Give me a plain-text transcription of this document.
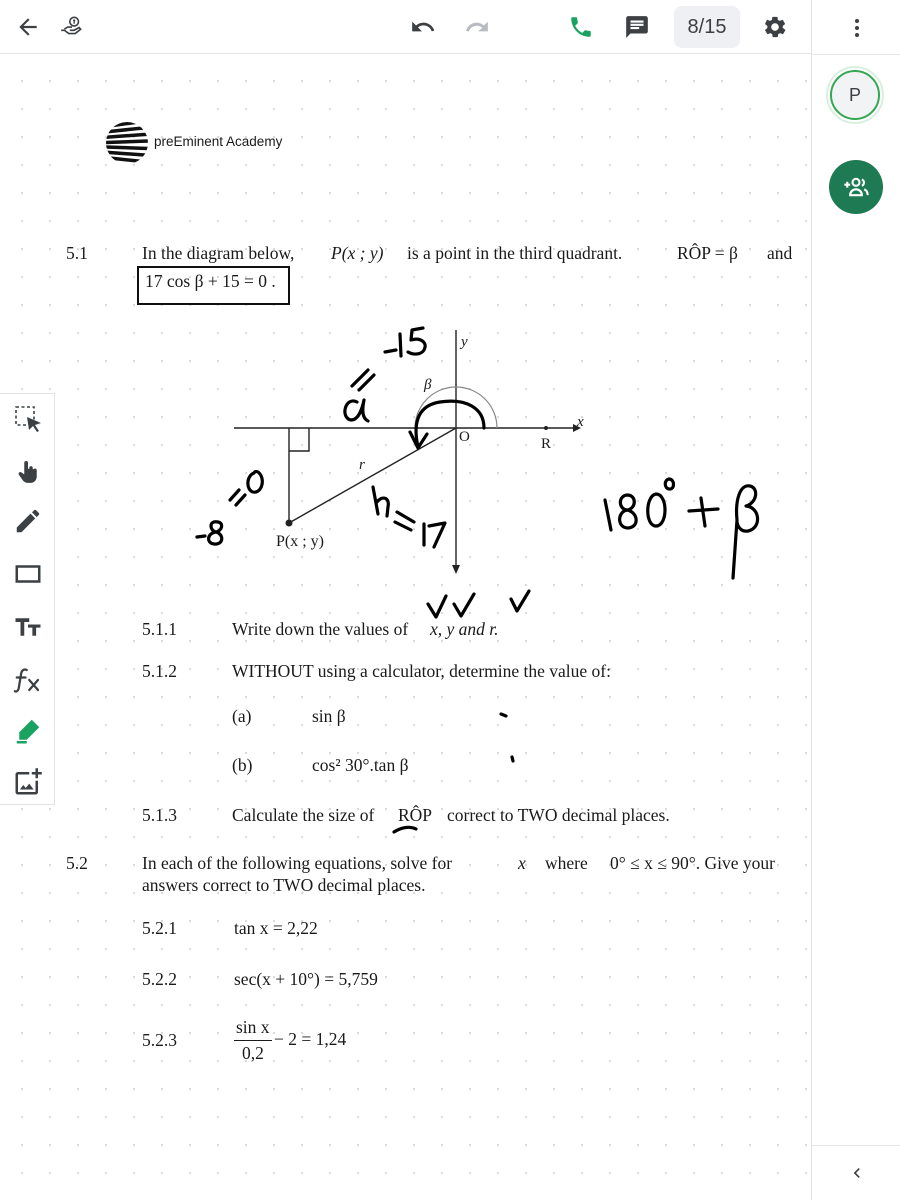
8/15
P
preEminent Academy
5.1	In the diagram below, P(x ; y) is a point in the third quadrant.	RÔP = β and
17 cos β + 15 = 0 .
y
x
β
O	R
r
P(x ; y)
5.1.1	Write down the values of x, y and r.
5.1.2	WITHOUT using a calculator, determine the value of:
(a)	sin β
(b)	cos² 30°.tan β
5.1.3	Calculate the size of RÔP correct to TWO decimal places.
5.2	In each of the following equations, solve for	x where 0° ≤ x ≤ 90°. Give your
answers correct to TWO decimal places.
5.2.1	tan x = 2,22
5.2.2	sec(x + 10°) = 5,759
5.2.3
sin x
0,2
− 2 = 1,24
